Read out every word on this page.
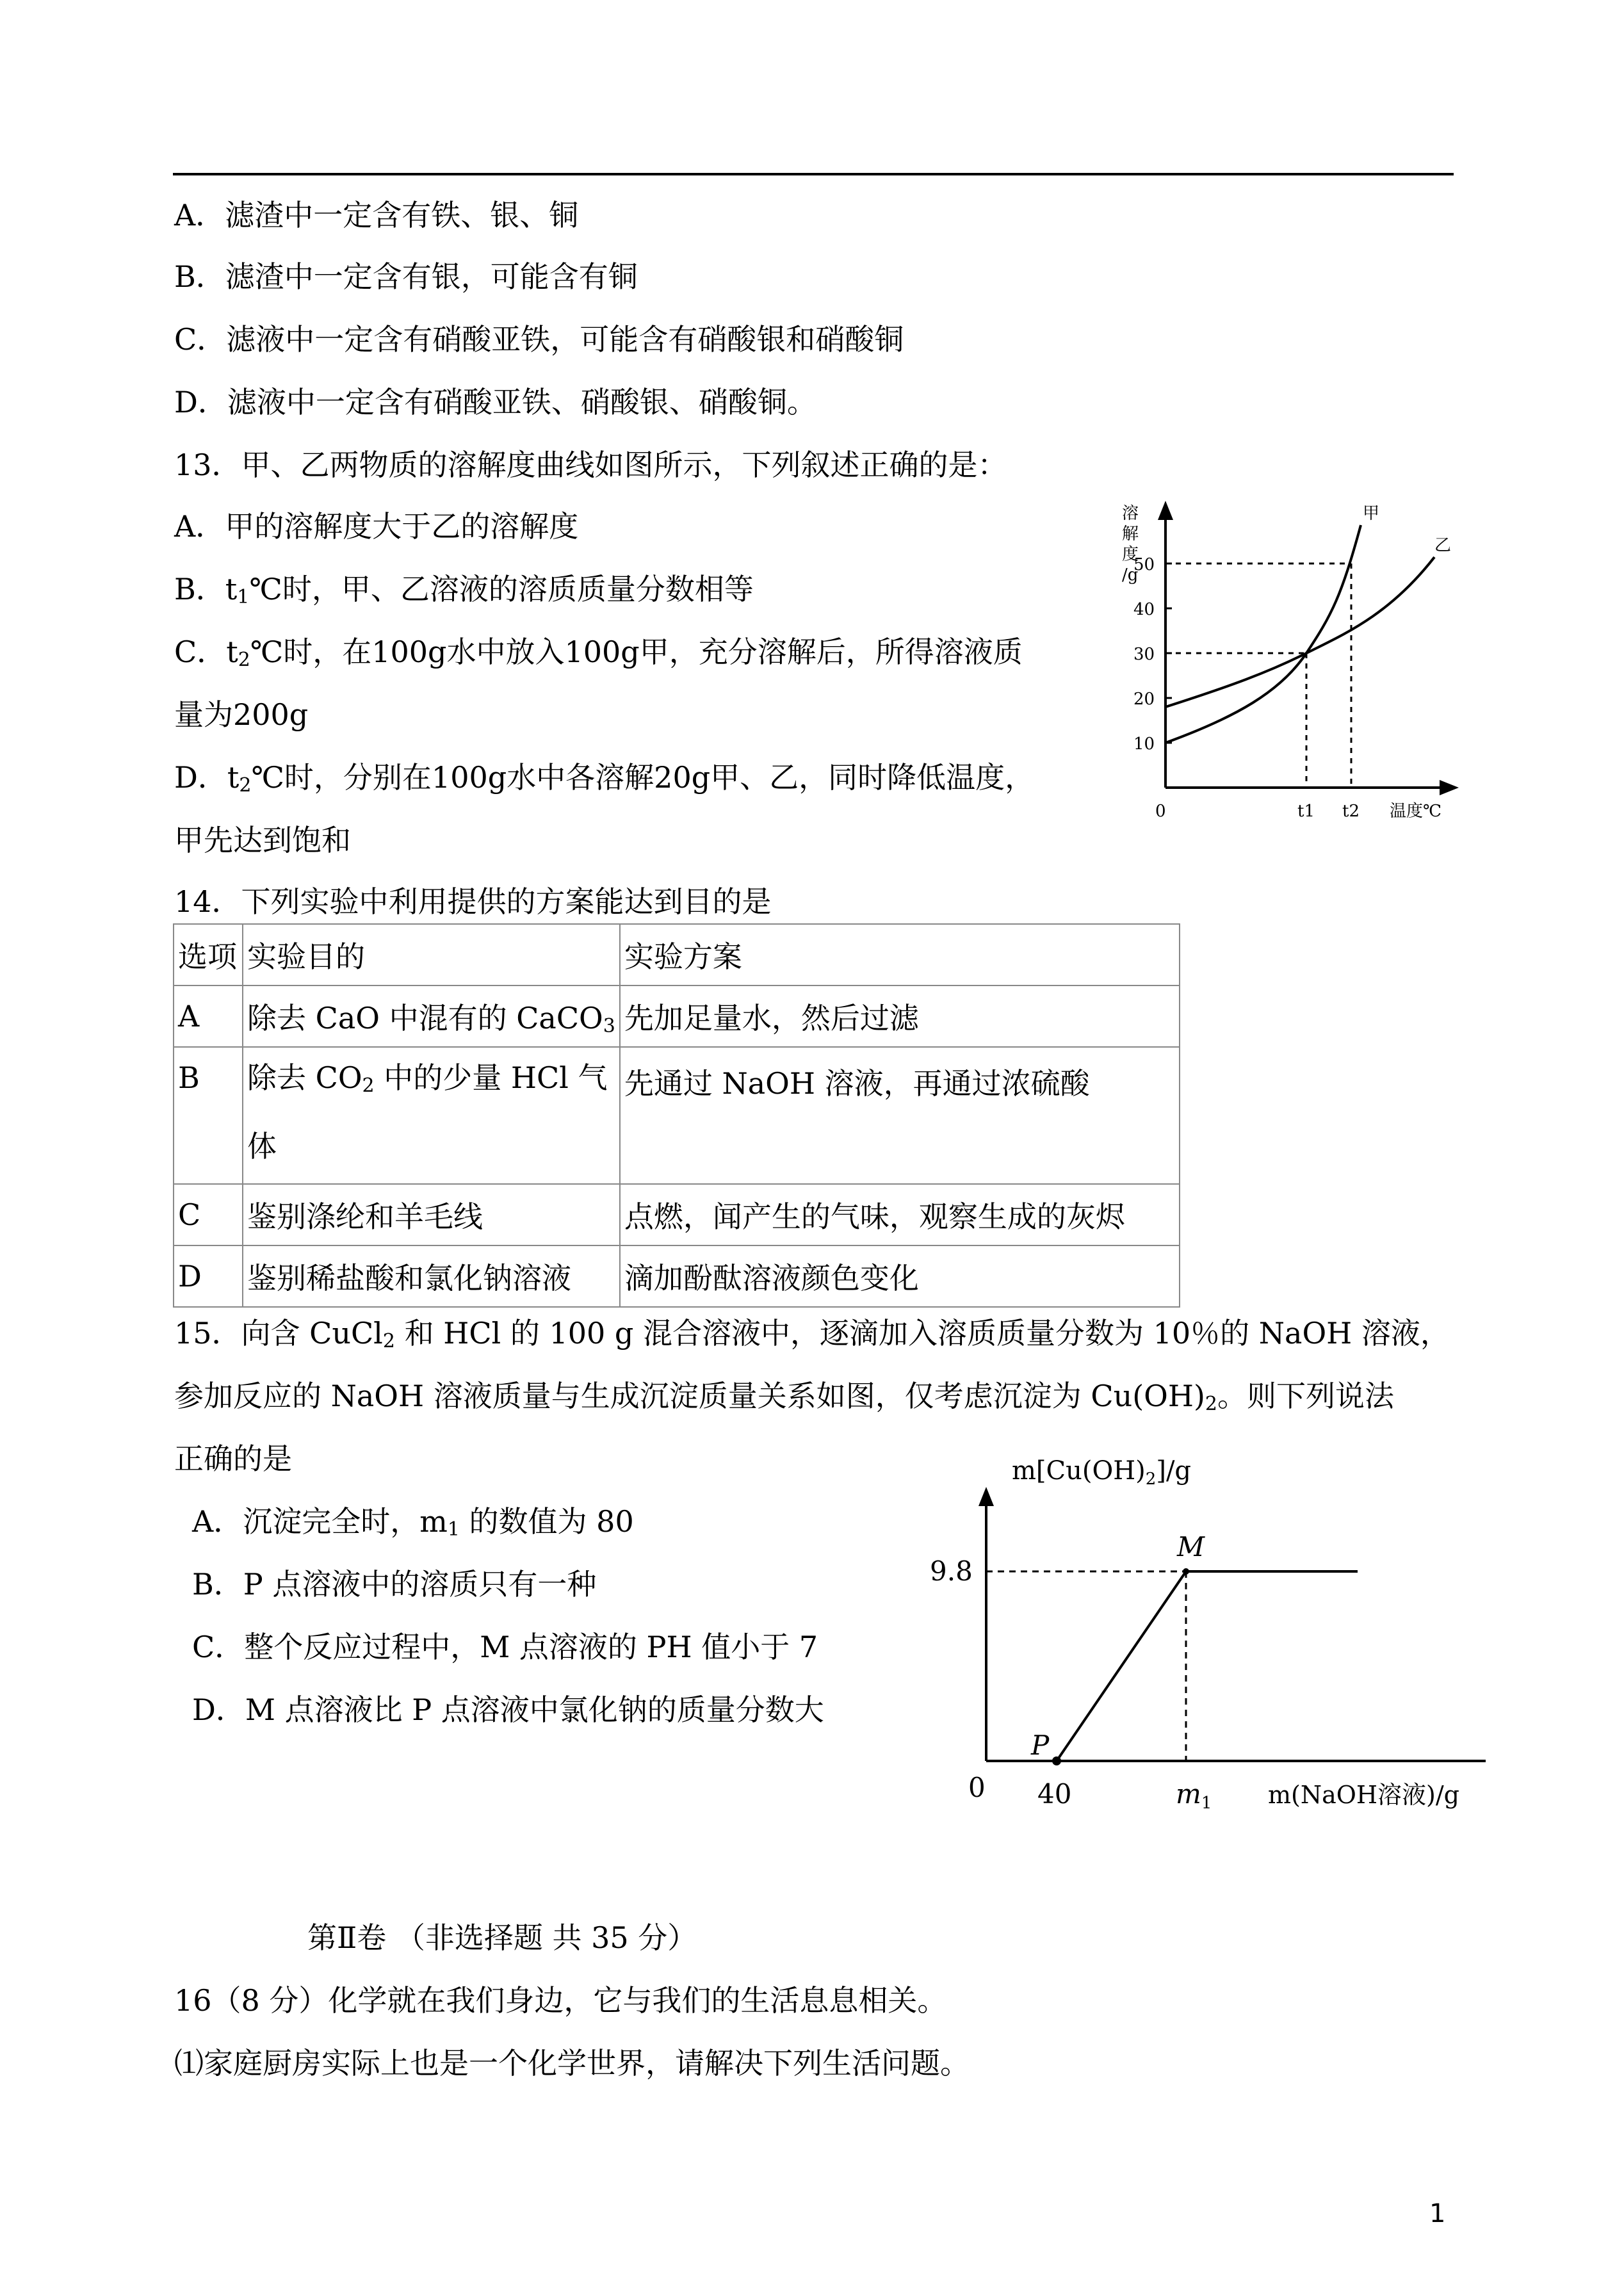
A．滤渣中一定含有铁、银、铜
B．滤渣中一定含有银，可能含有铜
C．滤液中一定含有硝酸亚铁，可能含有硝酸银和硝酸铜
D．滤液中一定含有硝酸亚铁、硝酸银、硝酸铜。
13．甲、乙两物质的溶解度曲线如图所示，下列叙述正确的是：
A．甲的溶解度大于乙的溶解度
B．$t_1℃$时，甲、乙溶液的溶质质量分数相等
C．$t_2℃$时，在100g水中放入100g甲，充分溶解后，所得溶液质
量为200g
D．$t_2℃$时，分别在100g水中各溶解20g甲、乙，同时降低温度，
甲先达到饱和
溶
解
度
/g
10
20
30
40
50
0	t1 t2 温度℃
甲
乙
14．下列实验中利用提供的方案能达到目的是
选项	实验目的	实验方案
A	除去 CaO 中混有的 CaCO$_3$	先加足量水，然后过滤
B	除去 $CO_2$ 中的少量 HCl 气体	先通过 NaOH 溶液，再通过浓硫酸
C	鉴别涤纶和羊毛线	点燃，闻产生的气味，观察生成的灰烬
D	鉴别稀盐酸和氯化钠溶液	滴加酚酞溶液颜色变化
15．向含 CuCl$_2$ 和 HCl 的 100 g 混合溶液中，逐滴加入溶质质量分数为 10％的 NaOH 溶液，
参加反应的 NaOH 溶液质量与生成沉淀质量关系如图，仅考虑沉淀为 $Cu(OH)_2$。则下列说法
正确的是
A．沉淀完全时，$m_1$ 的数值为 80
B．P 点溶液中的溶质只有一种
C．整个反应过程中，M 点溶液的 PH 值小于 7
D．M 点溶液比 P 点溶液中氯化钠的质量分数大
$m[Cu(OH)_2]/g$
9.8
M
P
0 40	m1 m(NaOH溶液)/g
第Ⅱ卷 （非选择题 共 35 分）
16（8 分）化学就在我们身边，它与我们的生活息息相关。
⑴家庭厨房实际上也是一个化学世界，请解决下列生活问题。
1
